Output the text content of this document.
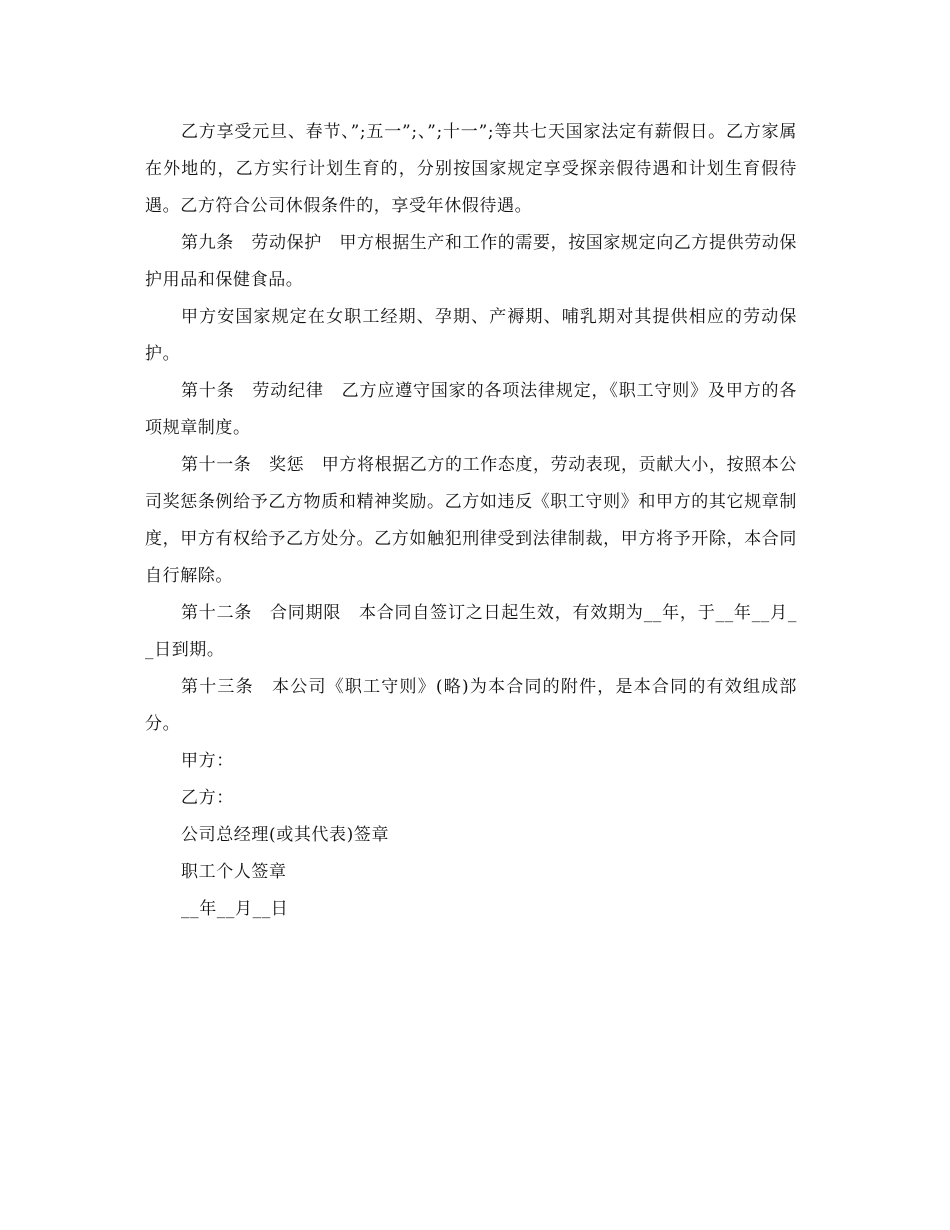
乙方享受元旦、春节、”;五一”;、”;十一”;等共七天国家法定有薪假日。乙方家属在外地的，乙方实行计划生育的，分别按国家规定享受探亲假待遇和计划生育假待遇。乙方符合公司休假条件的，享受年休假待遇。

第九条　劳动保护　甲方根据生产和工作的需要，按国家规定向乙方提供劳动保护用品和保健食品。

甲方安国家规定在女职工经期、孕期、产褥期、哺乳期对其提供相应的劳动保护。

第十条　劳动纪律　乙方应遵守国家的各项法律规定，《职工守则》及甲方的各项规章制度。

第十一条　奖惩　甲方将根据乙方的工作态度，劳动表现，贡献大小，按照本公司奖惩条例给予乙方物质和精神奖励。乙方如违反《职工守则》和甲方的其它规章制度，甲方有权给予乙方处分。乙方如触犯刑律受到法律制裁，甲方将予开除，本合同自行解除。

第十二条　合同期限　本合同自签订之日起生效，有效期为__年，于__年__月__日到期。

第十三条　本公司《职工守则》(略)为本合同的附件，是本合同的有效组成部分。

甲方：

乙方：

公司总经理(或其代表)签章

职工个人签章

__年__月__日
